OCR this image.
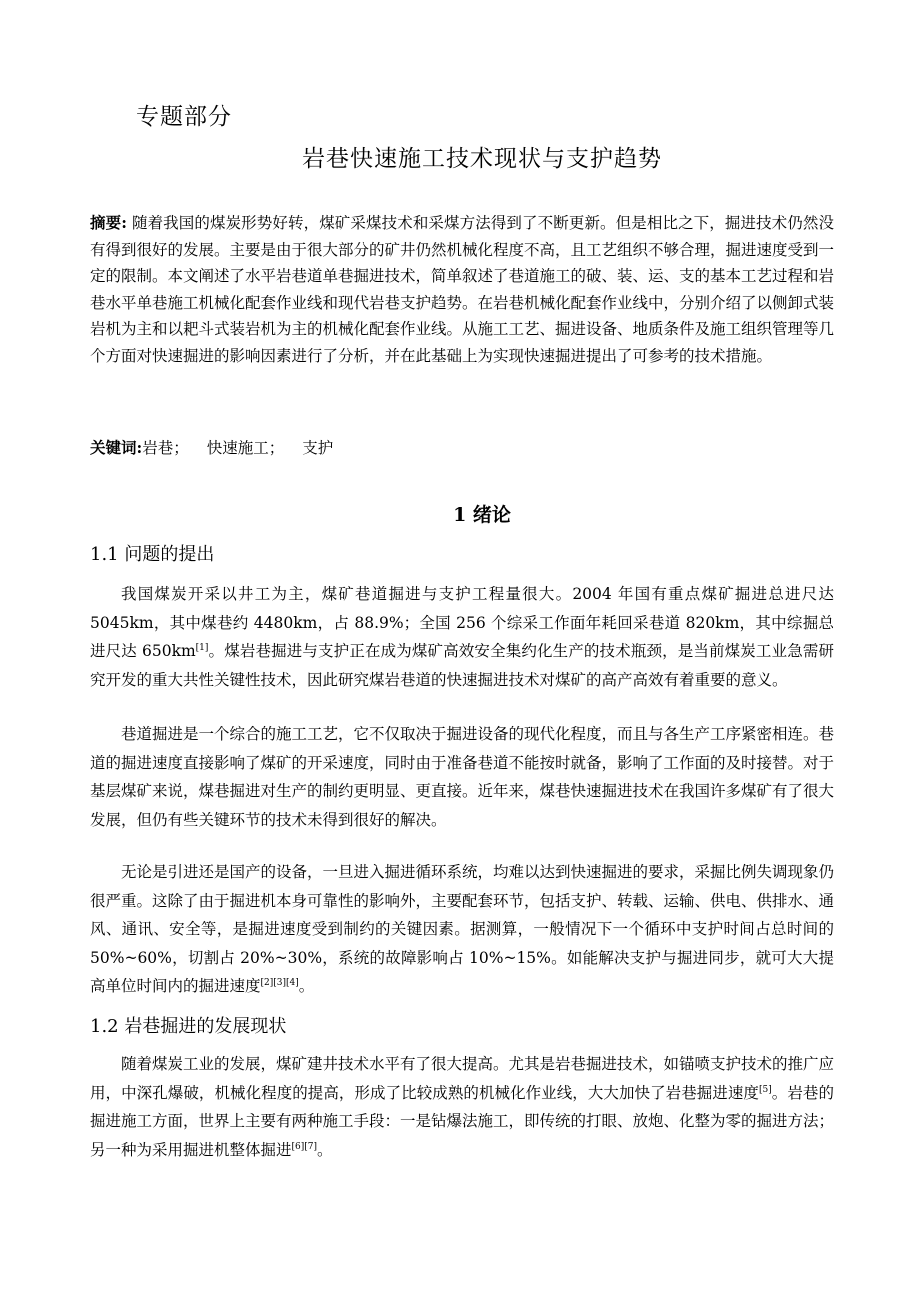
专题部分
岩巷快速施工技术现状与支护趋势
摘要: 随着我国的煤炭形势好转，煤矿采煤技术和采煤方法得到了不断更新。但是相比之下，掘进技术仍然没有得到很好的发展。主要是由于很大部分的矿井仍然机械化程度不高，且工艺组织不够合理，掘进速度受到一定的限制。本文阐述了水平岩巷道单巷掘进技术，简单叙述了巷道施工的破、装、运、支的基本工艺过程和岩巷水平单巷施工机械化配套作业线和现代岩巷支护趋势。在岩巷机械化配套作业线中，分别介绍了以侧卸式装岩机为主和以耙斗式装岩机为主的机械化配套作业线。从施工工艺、掘进设备、地质条件及施工组织管理等几个方面对快速掘进的影响因素进行了分析，并在此基础上为实现快速掘进提出了可参考的技术措施。
关键词:岩巷； 快速施工； 支护
1 绪论
1.1 问题的提出
我国煤炭开采以井工为主，煤矿巷道掘进与支护工程量很大。2004 年国有重点煤矿掘进总进尺达 5045km，其中煤巷约 4480km，占 88.9%；全国 256 个综采工作面年耗回采巷道 820km，其中综掘总进尺达 650km[1]。煤岩巷掘进与支护正在成为煤矿高效安全集约化生产的技术瓶颈，是当前煤炭工业急需研究开发的重大共性关键性技术，因此研究煤岩巷道的快速掘进技术对煤矿的高产高效有着重要的意义。
巷道掘进是一个综合的施工工艺，它不仅取决于掘进设备的现代化程度，而且与各生产工序紧密相连。巷道的掘进速度直接影响了煤矿的开采速度，同时由于准备巷道不能按时就备，影响了工作面的及时接替。对于基层煤矿来说，煤巷掘进对生产的制约更明显、更直接。近年来，煤巷快速掘进技术在我国许多煤矿有了很大发展，但仍有些关键环节的技术未得到很好的解决。
无论是引进还是国产的设备，一旦进入掘进循环系统，均难以达到快速掘进的要求，采掘比例失调现象仍很严重。这除了由于掘进机本身可靠性的影响外，主要配套环节，包括支护、转载、运输、供电、供排水、通风、通讯、安全等，是掘进速度受到制约的关键因素。据测算，一般情况下一个循环中支护时间占总时间的 50%~60%，切割占 20%~30%，系统的故障影响占 10%~15%。如能解决支护与掘进同步，就可大大提高单位时间内的掘进速度[2][3][4]。
1.2 岩巷掘进的发展现状
随着煤炭工业的发展，煤矿建井技术水平有了很大提高。尤其是岩巷掘进技术，如锚喷支护技术的推广应用，中深孔爆破，机械化程度的提高，形成了比较成熟的机械化作业线，大大加快了岩巷掘进速度[5]。岩巷的掘进施工方面，世界上主要有两种施工手段：一是钻爆法施工，即传统的打眼、放炮、化整为零的掘进方法；另一种为采用掘进机整体掘进[6][7]。
